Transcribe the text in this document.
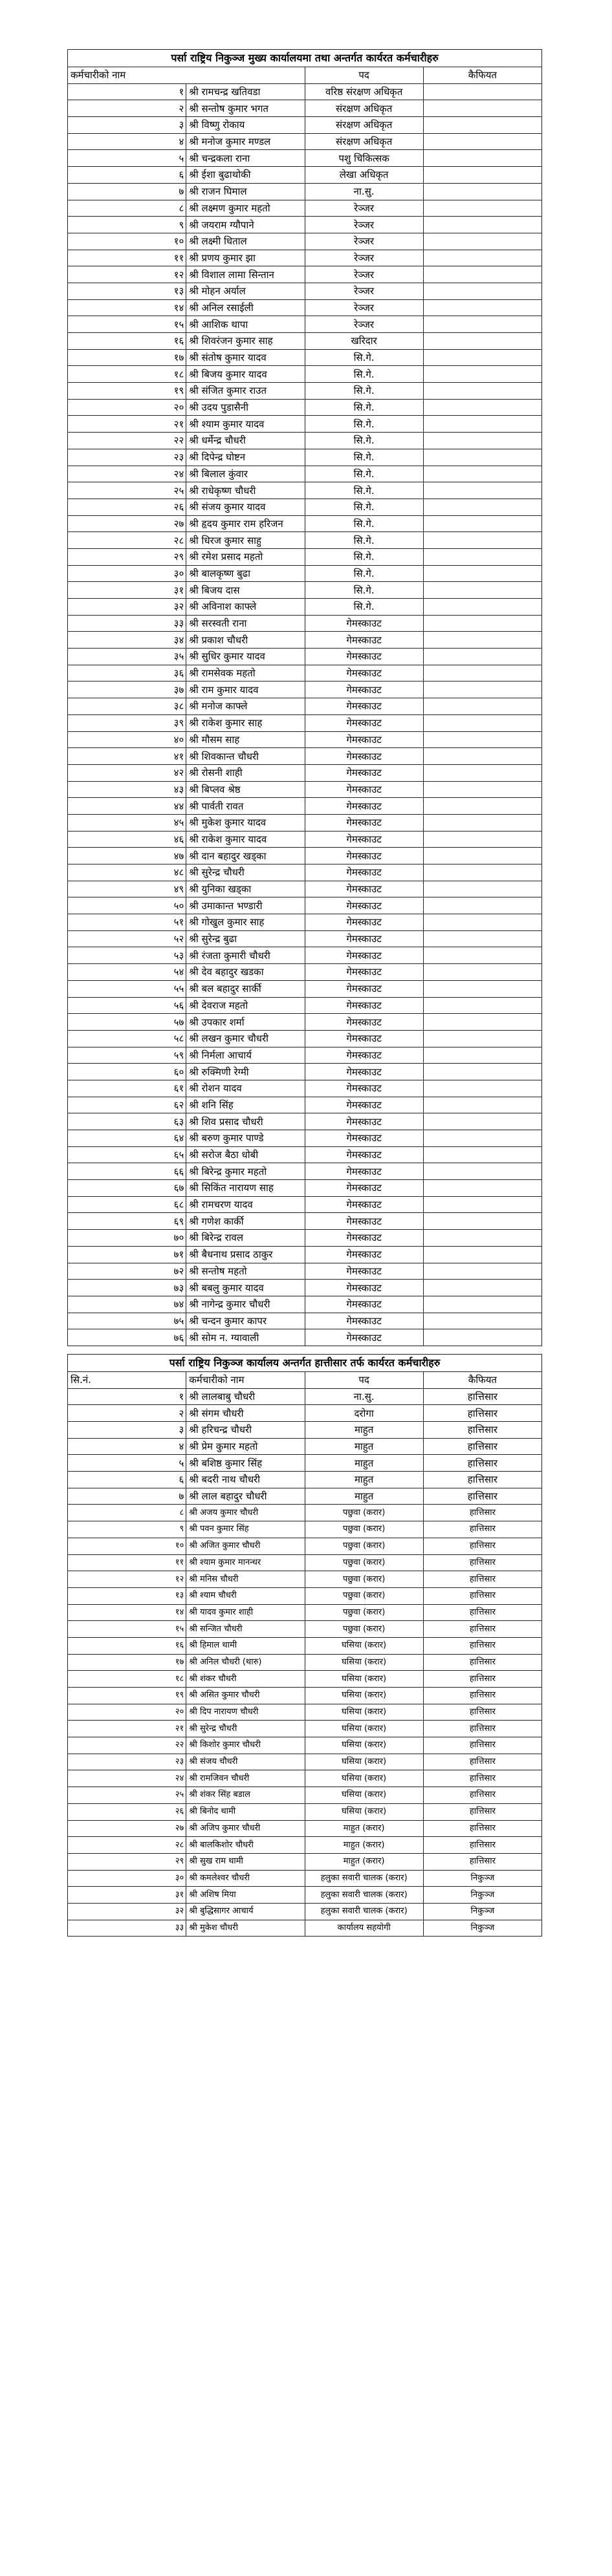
पर्सा राष्ट्रिय निकुञ्ज मुख्य कार्यालयमा तथा अन्तर्गत कार्यरत कर्मचारीहरु			
कर्मचारीको नाम		पद	कैफियत
१	श्री रामचन्द्र खतिवडा	वरिष्ठ संरक्षण अधिकृत	
२	श्री सन्तोष कुमार भगत	संरक्षण अधिकृत	
३	श्री विष्णु रोकाय	संरक्षण अधिकृत	
४	श्री मनोज कुमार मण्डल	संरक्षण अधिकृत	
५	श्री चन्द्रकला राना	पशु चिकित्सक	
६	श्री ईशा बुढाथोकी	लेखा अधिकृत	
७	श्री राजन घिमाल	ना.सु.	
८	श्री लक्ष्मण कुमार महतो	रेञ्जर	
९	श्री जयराम ग्यौपाने	रेञ्जर	
१०	श्री लक्ष्मी धिताल	रेञ्जर	
११	श्री प्रणय कुमार झा	रेञ्जर	
१२	श्री विशाल लामा सिन्तान	रेञ्जर	
१३	श्री मोहन अर्याल	रेञ्जर	
१४	श्री अनिल रसाईली	रेञ्जर	
१५	श्री आशिक थापा	रेञ्जर	
१६	श्री शिवरंजन कुमार साह	खरिदार	
१७	श्री संतोष कुमार यादव	सि.गे.	
१८	श्री बिजय कुमार यादव	सि.गे.	
१९	श्री संजित कुमार राउत	सि.गे.	
२०	श्री उदय पुडासैनी	सि.गे.	
२१	श्री श्याम कुमार यादव	सि.गे.	
२२	श्री धर्मेन्द्र चौधरी	सि.गे.	
२३	श्री दिपेन्द्र घोष्टन	सि.गे.	
२४	श्री बिलाल कुंवार	सि.गे.	
२५	श्री राधेकृष्ण चौधरी	सि.गे.	
२६	श्री संजय कुमार यादव	सि.गे.	
२७	श्री हृदय कुमार राम हरिजन	सि.गे.	
२८	श्री धिरज कुमार साहु	सि.गे.	
२९	श्री रमेश प्रसाद महतो	सि.गे.	
३०	श्री बालकृष्ण बुढा	सि.गे.	
३१	श्री बिजय दास	सि.गे.	
३२	श्री अविनाश काफ्ले	सि.गे.	
३३	श्री सरस्वती राना	गेमस्काउट	
३४	श्री प्रकाश चौधरी	गेमस्काउट	
३५	श्री सुधिर कुमार यादव	गेमस्काउट	
३६	श्री रामसेवक महतो	गेमस्काउट	
३७	श्री राम कुमार यादव	गेमस्काउट	
३८	श्री मनोज काफ्ले	गेमस्काउट	
३९	श्री राकेश कुमार साह	गेमस्काउट	
४०	श्री मौसम साह	गेमस्काउट	
४१	श्री शिवकान्त चौधरी	गेमस्काउट	
४२	श्री रोसनी शाही	गेमस्काउट	
४३	श्री बिप्लव श्रेष्ठ	गेमस्काउट	
४४	श्री पार्वती रावत	गेमस्काउट	
४५	श्री मुकेश कुमार यादव	गेमस्काउट	
४६	श्री राकेश कुमार यादव	गेमस्काउट	
४७	श्री दान बहादुर खड्का	गेमस्काउट	
४८	श्री सुरेन्द्र चौधरी	गेमस्काउट	
४९	श्री युनिका खड्का	गेमस्काउट	
५०	श्री उमाकान्त भण्डारी	गेमस्काउट	
५१	श्री गोखुल कुमार साह	गेमस्काउट	
५२	श्री सुरेन्द्र बुढा	गेमस्काउट	
५३	श्री रंजता कुमारी चौधरी	गेमस्काउट	
५४	श्री देव बहादुर खडका	गेमस्काउट	
५५	श्री बल बहादुर सार्की	गेमस्काउट	
५६	श्री देवराज महतो	गेमस्काउट	
५७	श्री उपकार शर्मा	गेमस्काउट	
५८	श्री लखन कुमार चौधरी	गेमस्काउट	
५९	श्री निर्मला आचार्य	गेमस्काउट	
६०	श्री रुक्मिणी रेग्मी	गेमस्काउट	
६१	श्री रोशन यादव	गेमस्काउट	
६२	श्री शनि सिंह	गेमस्काउट	
६३	श्री शिव प्रसाद चौधरी	गेमस्काउट	
६४	श्री बरुण कुमार पाण्डे	गेमस्काउट	
६५	श्री सरोज बैठा धोबी	गेमस्काउट	
६६	श्री बिरेन्द्र कुमार महतो	गेमस्काउट	
६७	श्री सिकिंत नारायण साह	गेमस्काउट	
६८	श्री रामचरण यादव	गेमस्काउट	
६९	श्री गणेश कार्की	गेमस्काउट	
७०	श्री बिरेन्द्र रावल	गेमस्काउट	
७१	श्री बैधनाथ प्रसाद ठाकुर	गेमस्काउट	
७२	श्री सन्तोष महतो	गेमस्काउट	
७३	श्री बबलु कुमार यादव	गेमस्काउट	
७४	श्री नागेन्द्र कुमार चौधरी	गेमस्काउट	
७५	श्री चन्दन कुमार कापर	गेमस्काउट	
७६	श्री सोम न. ग्यावाली	गेमस्काउट	
पर्सा राष्ट्रिय निकुञ्ज कार्यालय अन्तर्गत हात्तीसार तर्फ कार्यरत कर्मचारीहरु			
सि.नं.	कर्मचारीको नाम	पद	कैफियत
१	श्री लालबाबु चौधरी	ना.सु.	हात्तिसार
२	श्री संगम चौधरी	दरोगा	हात्तिसार
३	श्री हरिचन्द्र चौधरी	माहुत	हात्तिसार
४	श्री प्रेम कुमार महतो	माहुत	हात्तिसार
५	श्री बशिष्ठ कुमार सिंह	माहुत	हात्तिसार
६	श्री बदरी नाथ चौधरी	माहुत	हात्तिसार
७	श्री लाल बहादुर चौधरी	माहुत	हात्तिसार
८	श्री अजय कुमार चौधरी	पछुवा (करार)	हात्तिसार
९	श्री पवन कुमार सिंह	पछुवा (करार)	हात्तिसार
१०	श्री अजित कुमार चौधरी	पछुवा (करार)	हात्तिसार
११	श्री श्याम कुमार मानन्धर	पछुवा (करार)	हात्तिसार
१२	श्री मनिस चौधरी	पछुवा (करार)	हात्तिसार
१३	श्री श्याम चौधरी	पछुवा (करार)	हात्तिसार
१४	श्री यादव कुमार शाही	पछुवा (करार)	हात्तिसार
१५	श्री सन्जित चौधरी	पछुवा (करार)	हात्तिसार
१६	श्री हिमाल थामी	घसिया (करार)	हात्तिसार
१७	श्री अनिल चौधरी (थारु)	घसिया (करार)	हात्तिसार
१८	श्री शंकर चौधरी	घसिया (करार)	हात्तिसार
१९	श्री असित कुमार चौधरी	घसिया (करार)	हात्तिसार
२०	श्री दिप नारायण चौधरी	घसिया (करार)	हात्तिसार
२१	श्री सुरेन्द्र चौधरी	घसिया (करार)	हात्तिसार
२२	श्री किशोर कुमार चौधरी	घसिया (करार)	हात्तिसार
२३	श्री संजय चौधरी	घसिया (करार)	हात्तिसार
२४	श्री रामजिवन चौधरी	घसिया (करार)	हात्तिसार
२५	श्री शंकर सिंह बडाल	घसिया (करार)	हात्तिसार
२६	श्री बिनोद थामी	घसिया (करार)	हात्तिसार
२७	श्री अजिप कुमार चौधरी	माहुत (करार)	हात्तिसार
२८	श्री बालकिशोर चौधरी	माहुत (करार)	हात्तिसार
२९	श्री सुख राम थामी	माहुत (करार)	हात्तिसार
३०	श्री कमलेश्वर चौधरी	हलुका सवारी चालक (करार)	निकुञ्ज
३१	श्री अशिष मिया	हलुका सवारी चालक (करार)	निकुञ्ज
३२	श्री बुद्धिसागर आचार्य	हलुका सवारी चालक (करार)	निकुञ्ज
३३	श्री मुकेश चौधरी	कार्यालय सहयोगी	निकुञ्ज
